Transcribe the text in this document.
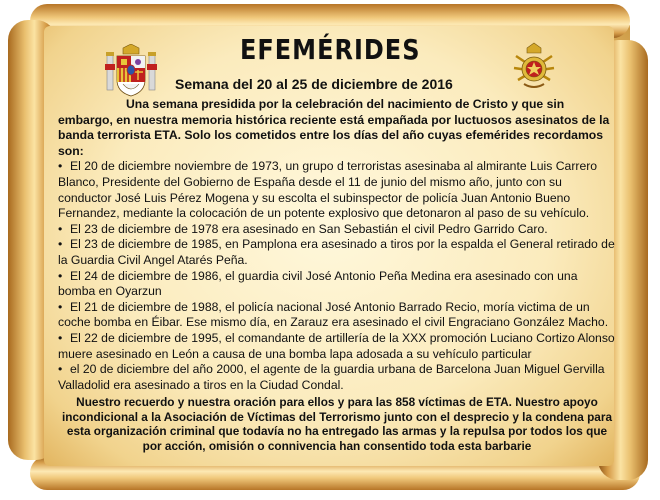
EFEMÉRIDES
Semana del 20 al 25 de diciembre de 2016
Una semana presidida por la celebración del nacimiento de Cristo y que sin embargo, en nuestra memoria histórica reciente está empañada por luctuosos asesinatos de la banda terrorista ETA. Solo los cometidos entre los días del año cuyas efemérides recordamos son:
• El 20 de diciembre noviembre de 1973, un grupo d terroristas asesinaba al almirante Luis Carrero Blanco, Presidente del Gobierno de España desde el 11 de junio del mismo año, junto con su conductor José Luis Pérez Mogena y su escolta el subinspector de policía Juan Antonio Bueno Fernandez, mediante la colocación de un potente explosivo que detonaron al paso de su vehículo.
• El 23 de diciembre de 1978 era asesinado en San Sebastián el civil Pedro Garrido Caro.
• El 23 de diciembre de 1985, en Pamplona era asesinado a tiros por la espalda el General retirado de la Guardia Civil Angel Atarés Peña.
• El 24 de diciembre de 1986, el guardia civil José Antonio Peña Medina era asesinado con una bomba en Oyarzun
• El 21 de diciembre de 1988, el policía nacional José Antonio Barrado Recio, moría victima de un coche bomba en Éibar. Ese mismo día, en Zarauz era asesinado el civil Engraciano González Macho.
• El 22 de diciembre de 1995, el comandante de artillería de la XXX promoción Luciano Cortizo Alonso muere asesinado en León a causa de una bomba lapa adosada a su vehículo particular
• el 20 de diciembre del año 2000, el agente de la guardia urbana de Barcelona Juan Miguel Gervilla Valladolid era asesinado a tiros en la Ciudad Condal.
Nuestro recuerdo y nuestra oración para ellos y para las 858 víctimas de ETA. Nuestro apoyo incondicional a la Asociación de Víctimas del Terrorismo junto con el desprecio y la condena para esta organización criminal que todavía no ha entregado las armas y la repulsa por todos los que por acción, omisión o connivencia han consentido toda esta barbarie
